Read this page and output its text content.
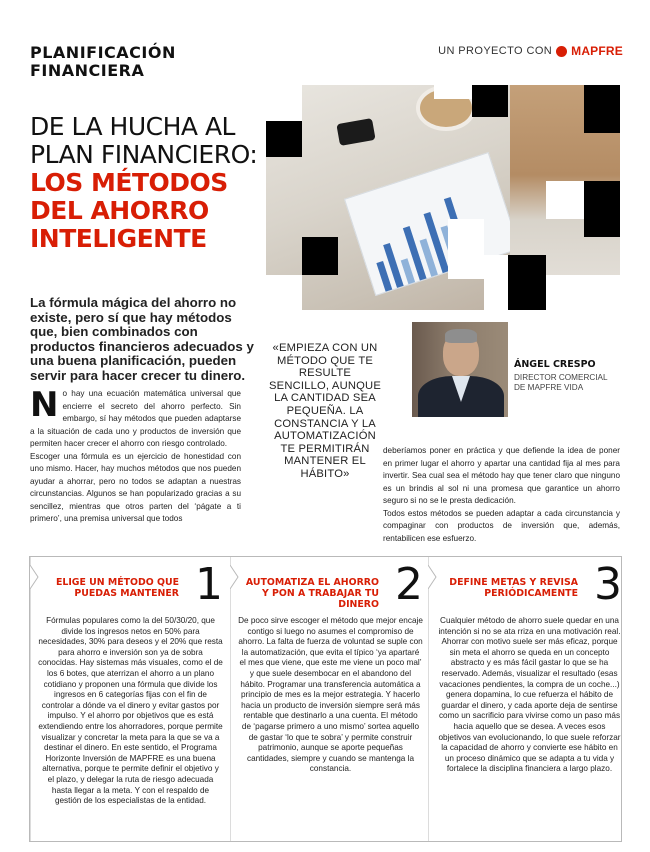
PLANIFICACIÓN FINANCIERA
UN PROYECTO CON MAPFRE
DE LA HUCHA AL PLAN FINANCIERO:
LOS MÉTODOS DEL AHORRO INTELIGENTE
La fórmula mágica del ahorro no existe, pero sí que hay métodos que, bien combinados con productos financieros adecuados y una buena planificación, pueden servir para hacer crecer tu dinero.
N o hay una ecuación matemática universal que encierre el secreto del ahorro perfecto. Sin embargo, sí hay métodos que pueden adaptarse a la situación de cada uno y productos de inversión que permiten hacer crecer el ahorro con riesgo controlado.

Escoger una fórmula es un ejercicio de honestidad con uno mismo. Hacer, hay muchos métodos que nos pueden ayudar a ahorrar, pero no todos se adaptan a nuestras circunstancias. Algunos se han popularizado gracias a su sencillez, mientras que otros parten del ‘págate a ti primero’, una premisa universal que todos

«EMPIEZA CON UN MÉTODO QUE TE RESULTE SENCILLO, AUNQUE LA CANTIDAD SEA PEQUEÑA. LA CONSTANCIA Y LA AUTOMATIZACIÓN TE PERMITIRÁN MANTENER EL HÁBITO»
ÁNGEL CRESPO
DIRECTOR COMERCIAL DE MAPFRE VIDA

deberíamos poner en práctica y que defiende la idea de poner en primer lugar el ahorro y apartar una cantidad fija al mes para invertir. Sea cual sea el método hay que tener claro que ninguno es un brindis al sol ni una promesa que garantice un ahorro seguro si no se le presta dedicación.

Todos estos métodos se pueden adaptar a cada circunstancia y compaginar con productos de inversión que, además, rentabilicen ese esfuerzo.

ELIGE UN MÉTODO QUE PUEDAS MANTENER 1
Fórmulas populares como la del 50/30/20, que divide los ingresos netos en 50% para necesidades, 30% para deseos y el 20% que resta para ahorro e inversión son ya de sobra conocidas. Hay sistemas más visuales, como el de los 6 botes, que aterrizan el ahorro a un plano cotidiano y proponen una fórmula que divide los ingresos en 6 categorías fijas con el fin de controlar a dónde va el dinero y evitar gastos por impulso. Y el ahorro por objetivos que es está extendiendo entre los ahorradores, porque permite visualizar y concretar la meta para la que se va a destinar el dinero. En este sentido, el Programa Horizonte Inversión de MAPFRE es una buena alternativa, porque te permite definir el objetivo y el plazo, y delegar la ruta de riesgo adecuada hasta llegar a la meta. Y con el respaldo de gestión de los especialistas de la entidad.
AUTOMATIZA EL AHORRO Y PON A TRABAJAR TU DINERO 2
De poco sirve escoger el método que mejor encaje contigo si luego no asumes el compromiso de ahorro. La falta de fuerza de voluntad se suple con la automatización, que evita el típico ‘ya apartaré el mes que viene, que este me viene un poco mal’ y que suele desembocar en el abandono del hábito. Programar una transferencia automática a principio de mes es la mejor estrategia. Y hacerlo hacia un producto de inversión siempre será más rentable que destinarlo a una cuenta. El método de ‘pagarse primero a uno mismo’ sortea aquello de gastar ‘lo que te sobra’ y permite construir patrimonio, aunque se aporte pequeñas cantidades, siempre y cuando se mantenga la constancia.
DEFINE METAS Y REVISA PERIÓDICAMENTE 3
Cualquier método de ahorro suele quedar en una intención si no se ata rriza en una motivación real. Ahorrar con motivo suele ser más eficaz, porque sin meta el ahorro se queda en un concepto abstracto y es más fácil gastar lo que se ha reservado. Además, visualizar el resultado (esas vacaciones pendientes, la compra de un coche...) genera dopamina, lo cue refuerza el hábito de guardar el dinero, y cada aporte deja de sentirse como un sacrificio para vivirse como un paso más hacia aquello que se desea. A veces esos objetivos van evolucionando, lo que suele reforzar la capacidad de ahorro y convierte ese hábito en un proceso dinámico que se adapta a tu vida y fortalece la disciplina financiera a largo plazo.
